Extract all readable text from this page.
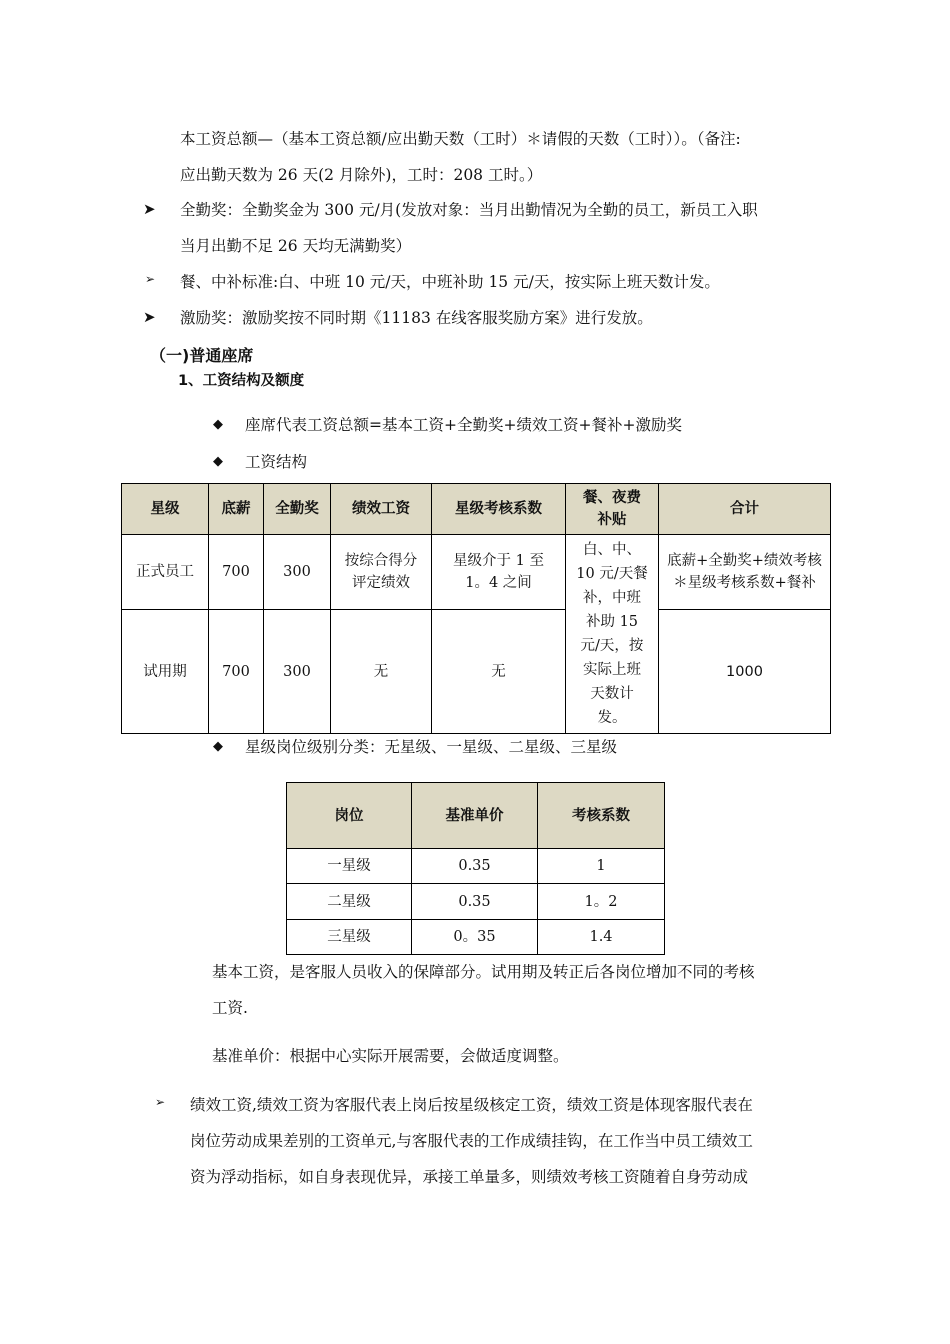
本工资总额—（基本工资总额/应出勤天数（工时）＊请假的天数（工时））。（备注:
应出勤天数为 26 天(2 月除外)，工时：208 工时。）
➤ 全勤奖：全勤奖金为 300 元/月(发放对象：当月出勤情况为全勤的员工，新员工入职
当月出勤不足 26 天均无满勤奖）
➢ 餐、中补标准:白、中班 10 元/天，中班补助 15 元/天，按实际上班天数计发。
➤ 激励奖：激励奖按不同时期《11183 在线客服奖励方案》进行发放。
（一)普通座席
1、工资结构及额度
◆ 座席代表工资总额=基本工资+全勤奖+绩效工资+餐补+激励奖
◆ 工资结构
星级	底薪	全勤奖	绩效工资	星级考核系数	餐、夜费补贴	合计
正式员工	700	300	按综合得分评定绩效	星级介于 1 至 1。4 之间	白、中、10 元/天餐补，中班补助 15 元/天，按实际上班天数计发。	底薪+全勤奖+绩效考核＊星级考核系数+餐补
试用期	700	300	无	无		1000
◆ 星级岗位级别分类：无星级、一星级、二星级、三星级
岗位	基准单价	考核系数
一星级	0.35	1
二星级	0.35	1。2
三星级	0。35	1.4
基本工资，是客服人员收入的保障部分。试用期及转正后各岗位增加不同的考核
工资.
基准单价：根据中心实际开展需要，会做适度调整。
➢ 绩效工资,绩效工资为客服代表上岗后按星级核定工资，绩效工资是体现客服代表在
岗位劳动成果差别的工资单元,与客服代表的工作成绩挂钩，在工作当中员工绩效工
资为浮动指标，如自身表现优异，承接工单量多，则绩效考核工资随着自身劳动成
